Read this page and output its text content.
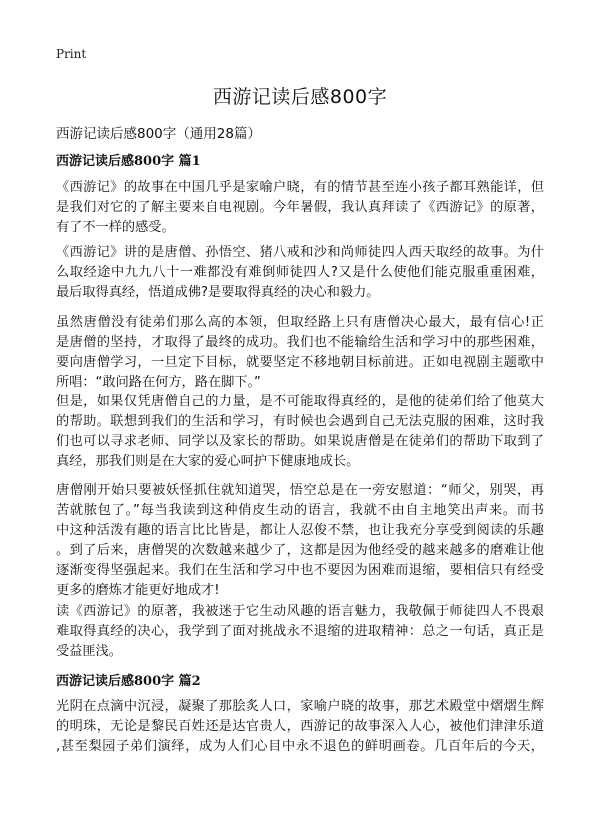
Print
西游记读后感800字
西游记读后感800字（通用28篇）
西游记读后感800字 篇1
《西游记》的故事在中国几乎是家喻户晓，有的情节甚至连小孩子都耳熟能详，但
是我们对它的了解主要来自电视剧。今年暑假，我认真拜读了《西游记》的原著，
有了不一样的感受。
《西游记》讲的是唐僧、孙悟空、猪八戒和沙和尚师徒四人西天取经的故事。为什
么取经途中九九八十一难都没有难倒师徒四人?又是什么使他们能克服重重困难，
最后取得真经，悟道成佛?是要取得真经的决心和毅力。
虽然唐僧没有徒弟们那么高的本领，但取经路上只有唐僧决心最大，最有信心!正
是唐僧的坚持，才取得了最终的成功。我们也不能输给生活和学习中的那些困难，
要向唐僧学习，一旦定下目标，就要坚定不移地朝目标前进。正如电视剧主题歌中
所唱：“敢问路在何方，路在脚下。”
但是，如果仅凭唐僧自己的力量，是不可能取得真经的，是他的徒弟们给了他莫大
的帮助。联想到我们的生活和学习，有时候也会遇到自己无法克服的困难，这时我
们也可以寻求老师、同学以及家长的帮助。如果说唐僧是在徒弟们的帮助下取到了
真经，那我们则是在大家的爱心呵护下健康地成长。
唐僧刚开始只要被妖怪抓住就知道哭，悟空总是在一旁安慰道：“师父，别哭，再
苦就脓包了。”每当我读到这种俏皮生动的语言，我就不由自主地笑出声来。而书
中这种活泼有趣的语言比比皆是，都让人忍俊不禁，也让我充分享受到阅读的乐趣
。到了后来，唐僧哭的次数越来越少了，这都是因为他经受的越来越多的磨难让他
逐渐变得坚强起来。我们在生活和学习中也不要因为困难而退缩，要相信只有经受
更多的磨炼才能更好地成才!
读《西游记》的原著，我被迷于它生动风趣的语言魅力，我敬佩于师徒四人不畏艰
难取得真经的决心，我学到了面对挑战永不退缩的进取精神：总之一句话，真正是
受益匪浅。
西游记读后感800字 篇2
光阴在点滴中沉浸，凝聚了那脍炙人口，家喻户晓的故事，那艺术殿堂中熠熠生辉
的明珠，无论是黎民百姓还是达官贵人，西游记的故事深入人心，被他们津津乐道
,甚至梨园子弟们演绎，成为人们心目中永不退色的鲜明画卷。几百年后的今天，
